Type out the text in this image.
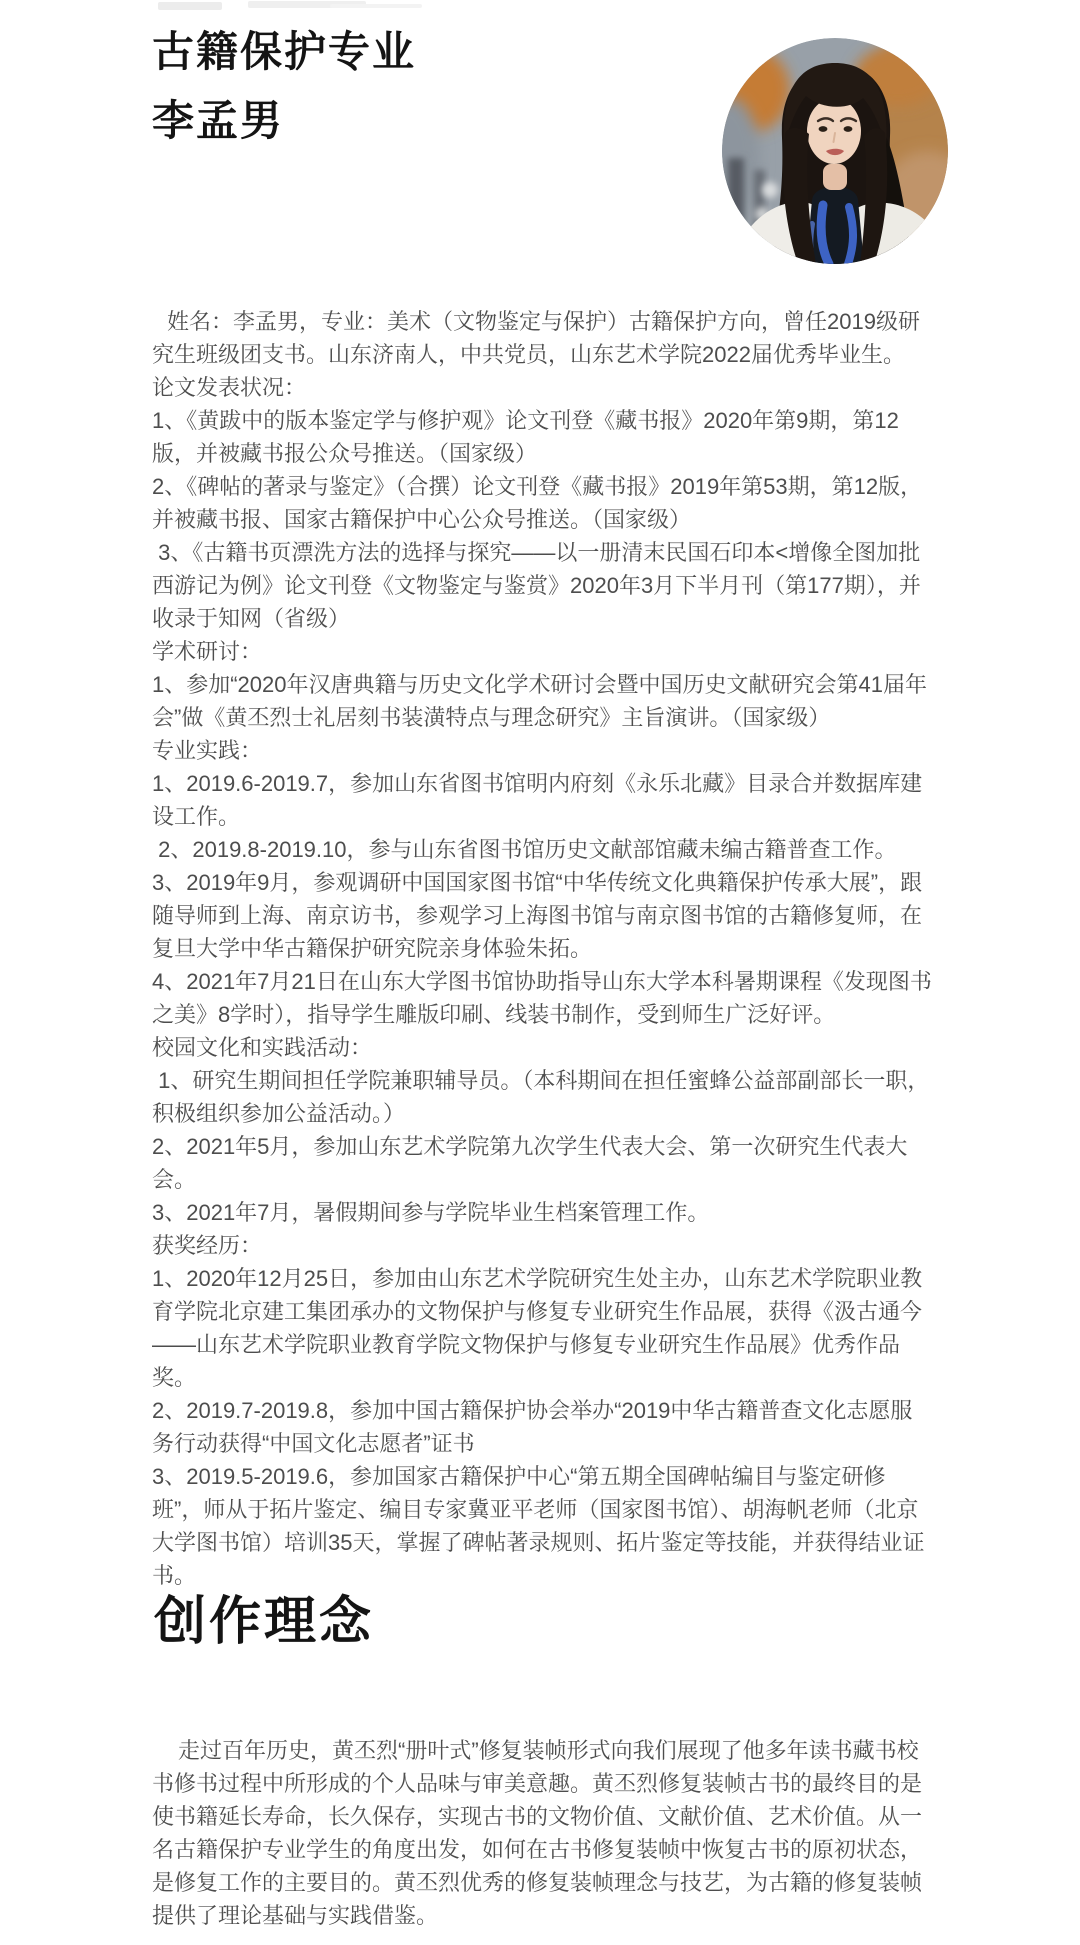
古籍保护专业
李孟男
姓名：李孟男，专业：美术（文物鉴定与保护）古籍保护方向，曾任2019级研究生班级团支书。山东济南人，中共党员，山东艺术学院2022届优秀毕业生。
论文发表状况：
1、《黄跋中的版本鉴定学与修护观》论文刊登《藏书报》2020年第9期，第12版，并被藏书报公众号推送。（国家级）
2、《碑帖的著录与鉴定》（合撰）论文刊登《藏书报》2019年第53期，第12版，并被藏书报、国家古籍保护中心公众号推送。（国家级）
3、《古籍书页漂洗方法的选择与探究——以一册清末民国石印本<增像全图加批西游记为例》论文刊登《文物鉴定与鉴赏》2020年3月下半月刊（第177期），并收录于知网（省级）
学术研讨：
1、参加“2020年汉唐典籍与历史文化学术研讨会暨中国历史文献研究会第41届年会”做《黄丕烈士礼居刻书装潢特点与理念研究》主旨演讲。（国家级）
专业实践：
1、2019.6-2019.7，参加山东省图书馆明内府刻《永乐北藏》目录合并数据库建设工作。
2、2019.8-2019.10，参与山东省图书馆历史文献部馆藏未编古籍普查工作。
3、2019年9月，参观调研中国国家图书馆“中华传统文化典籍保护传承大展”，跟随导师到上海、南京访书，参观学习上海图书馆与南京图书馆的古籍修复师，在复旦大学中华古籍保护研究院亲身体验朱拓。
4、2021年7月21日在山东大学图书馆协助指导山东大学本科暑期课程《发现图书之美》8学时），指导学生雕版印刷、线装书制作，受到师生广泛好评。
校园文化和实践活动：
1、研究生期间担任学院兼职辅导员。（本科期间在担任蜜蜂公益部副部长一职，积极组织参加公益活动。）
2、2021年5月，参加山东艺术学院第九次学生代表大会、第一次研究生代表大会。
3、2021年7月，暑假期间参与学院毕业生档案管理工作。
获奖经历：
1、2020年12月25日，参加由山东艺术学院研究生处主办，山东艺术学院职业教育学院北京建工集团承办的文物保护与修复专业研究生作品展，获得《汲古通今——山东艺术学院职业教育学院文物保护与修复专业研究生作品展》优秀作品奖。
2、2019.7-2019.8，参加中国古籍保护协会举办“2019中华古籍普查文化志愿服务行动获得“中国文化志愿者”证书
3、2019.5-2019.6，参加国家古籍保护中心“第五期全国碑帖编目与鉴定研修班”，师从于拓片鉴定、编目专家冀亚平老师（国家图书馆）、胡海帆老师（北京大学图书馆）培训35天，掌握了碑帖著录规则、拓片鉴定等技能，并获得结业证书。
创作理念
走过百年历史，黄丕烈“册叶式”修复装帧形式向我们展现了他多年读书藏书校书修书过程中所形成的个人品味与审美意趣。黄丕烈修复装帧古书的最终目的是使书籍延长寿命，长久保存，实现古书的文物价值、文献价值、艺术价值。从一名古籍保护专业学生的角度出发，如何在古书修复装帧中恢复古书的原初状态，是修复工作的主要目的。黄丕烈优秀的修复装帧理念与技艺，为古籍的修复装帧提供了理论基础与实践借鉴。
